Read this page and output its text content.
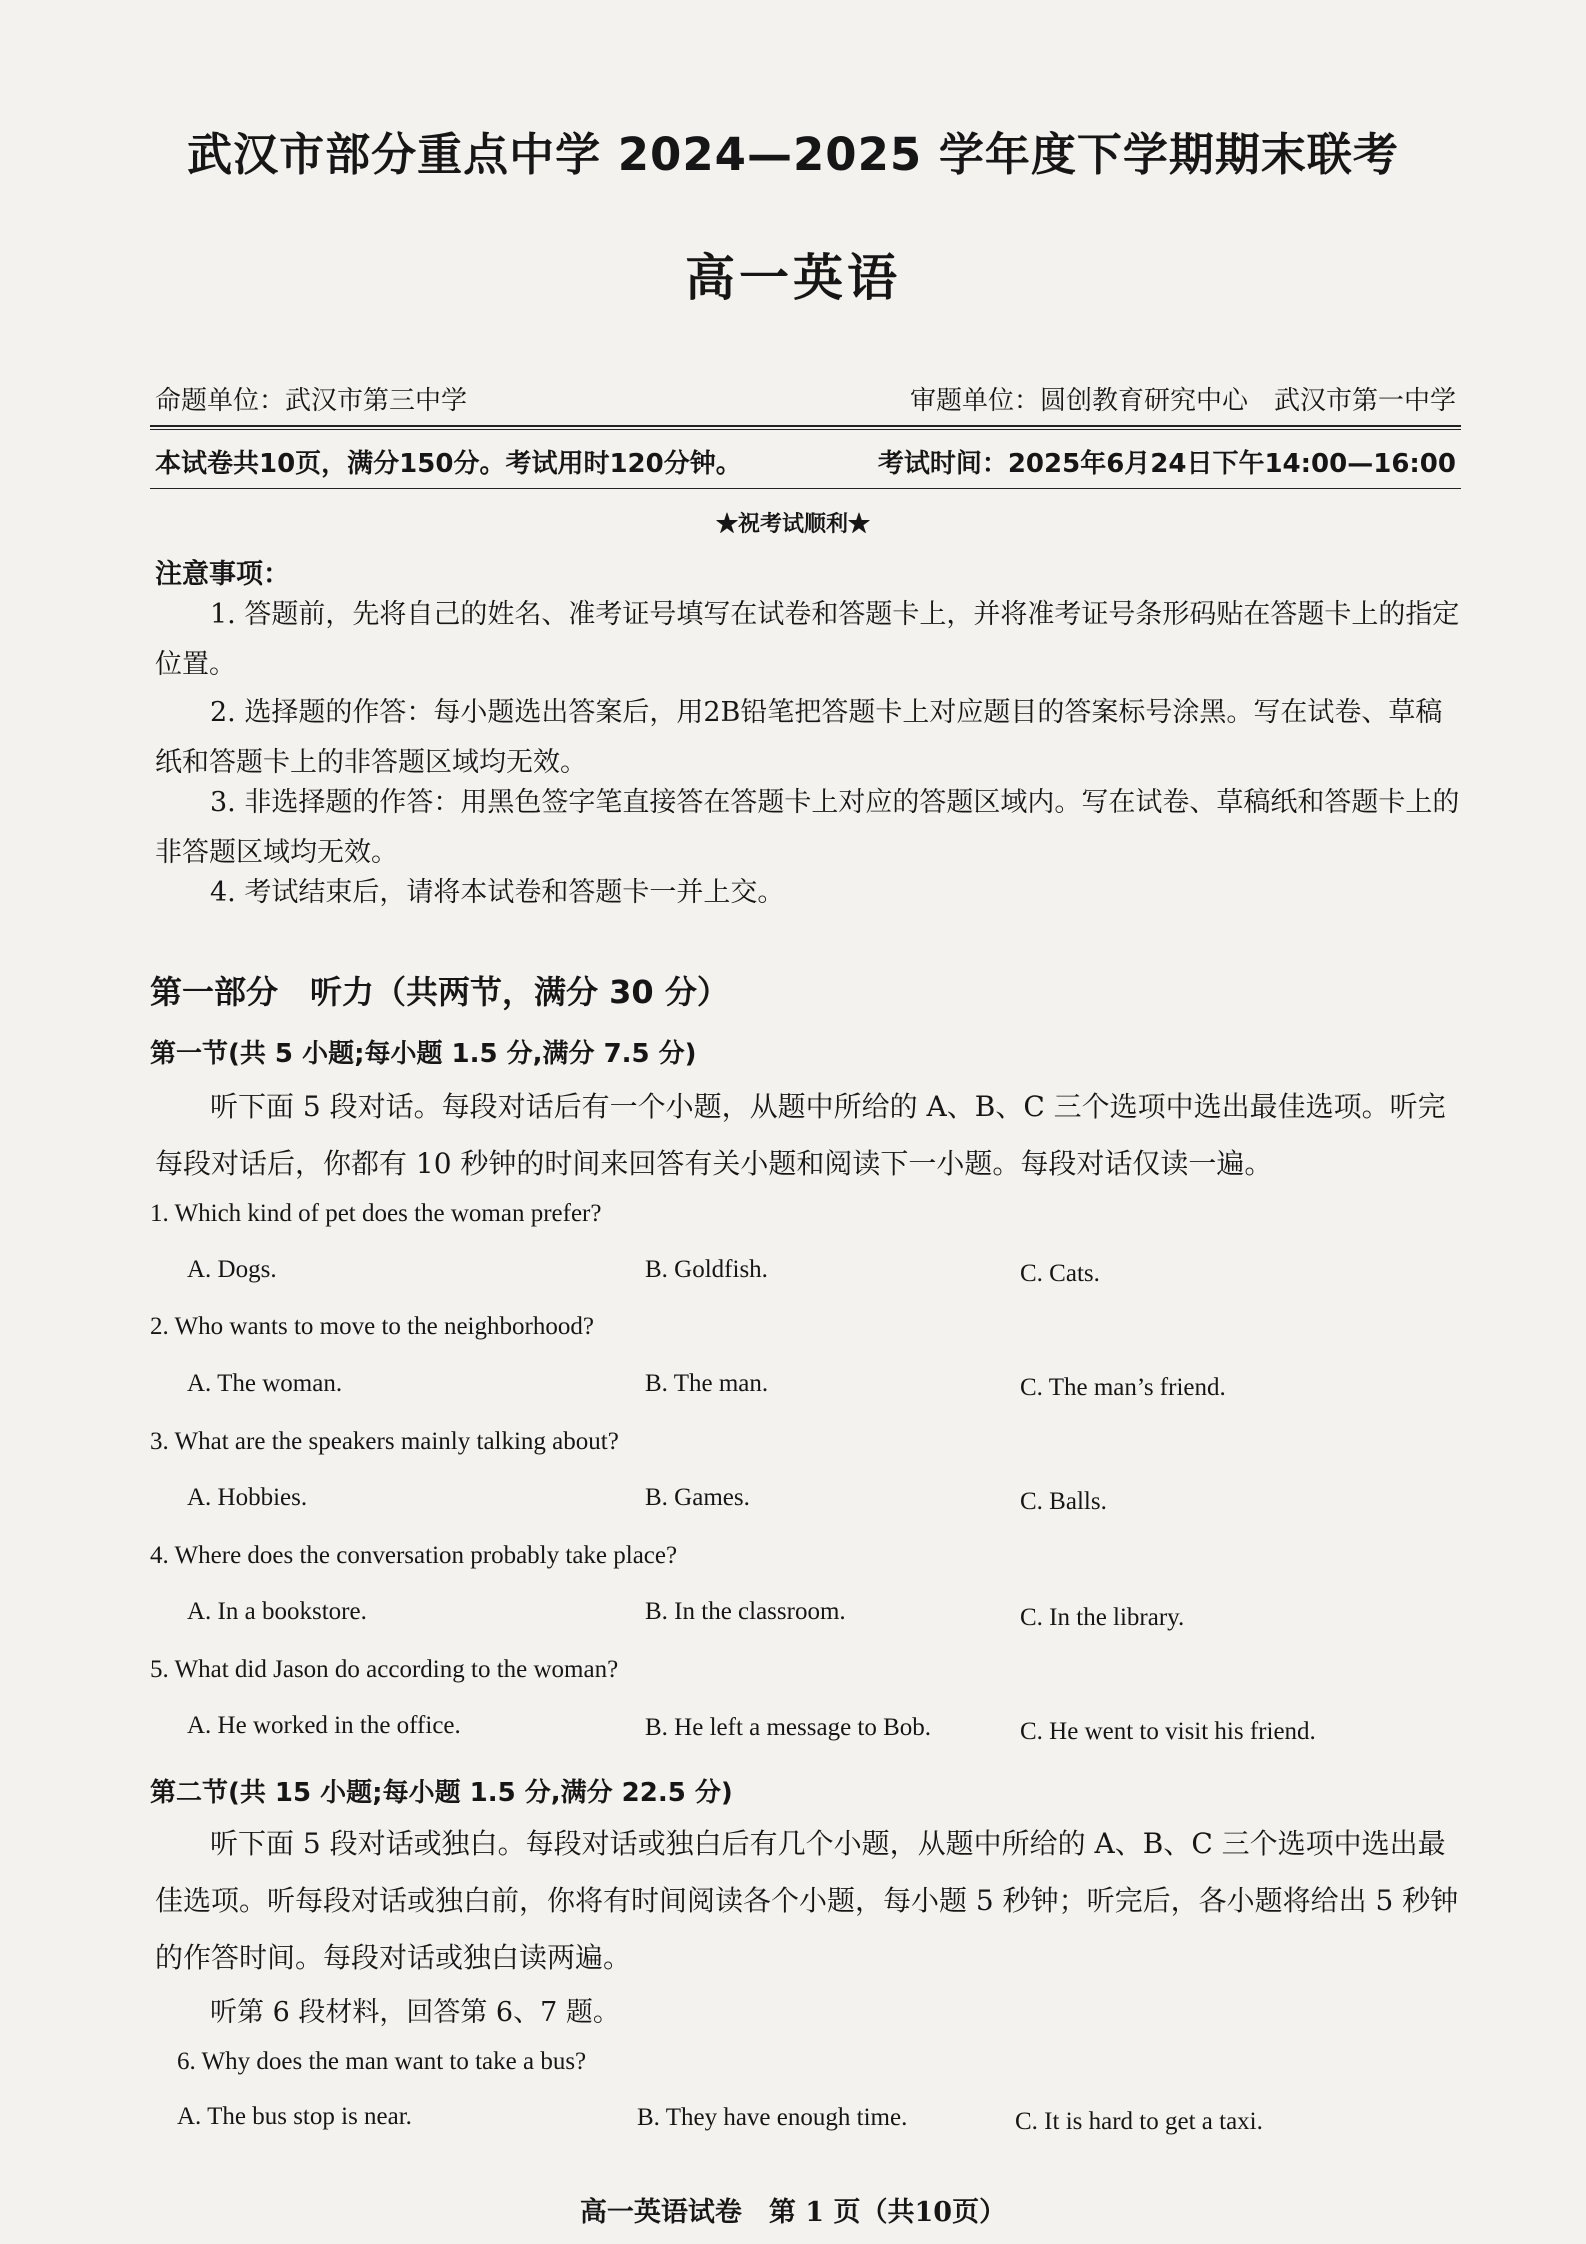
武汉市部分重点中学 2024—2025 学年度下学期期末联考
高一英语
命题单位：武汉市第三中学	审题单位：圆创教育研究中心　武汉市第一中学
本试卷共10页，满分150分。考试用时120分钟。	考试时间：2025年6月24日下午14:00—16:00
★祝考试顺利★
注意事项：
1. 答题前，先将自己的姓名、准考证号填写在试卷和答题卡上，并将准考证号条形码贴在答题卡上的指定位置。
2. 选择题的作答：每小题选出答案后，用2B铅笔把答题卡上对应题目的答案标号涂黑。写在试卷、草稿纸和答题卡上的非答题区域均无效。
3. 非选择题的作答：用黑色签字笔直接答在答题卡上对应的答题区域内。写在试卷、草稿纸和答题卡上的非答题区域均无效。
4. 考试结束后，请将本试卷和答题卡一并上交。
第一部分　听力（共两节，满分 30 分）
第一节(共 5 小题;每小题 1.5 分,满分 7.5 分)
听下面 5 段对话。每段对话后有一个小题，从题中所给的 A、B、C 三个选项中选出最佳选项。听完每段对话后，你都有 10 秒钟的时间来回答有关小题和阅读下一小题。每段对话仅读一遍。
1. Which kind of pet does the woman prefer?
A. Dogs.	B. Goldfish.	C. Cats.
2. Who wants to move to the neighborhood?
A. The woman.	B. The man.	C. The man’s friend.
3. What are the speakers mainly talking about?
A. Hobbies.	B. Games.	C. Balls.
4. Where does the conversation probably take place?
A. In a bookstore.	B. In the classroom.	C. In the library.
5. What did Jason do according to the woman?
A. He worked in the office.	B. He left a message to Bob.	C. He went to visit his friend.
第二节(共 15 小题;每小题 1.5 分,满分 22.5 分)
听下面 5 段对话或独白。每段对话或独白后有几个小题，从题中所给的 A、B、C 三个选项中选出最佳选项。听每段对话或独白前，你将有时间阅读各个小题，每小题 5 秒钟；听完后，各小题将给出 5 秒钟的作答时间。每段对话或独白读两遍。
听第 6 段材料，回答第 6、7 题。
6. Why does the man want to take a bus?
A. The bus stop is near.	B. They have enough time.	C. It is hard to get a taxi.
高一英语试卷　第 1 页（共10页）
